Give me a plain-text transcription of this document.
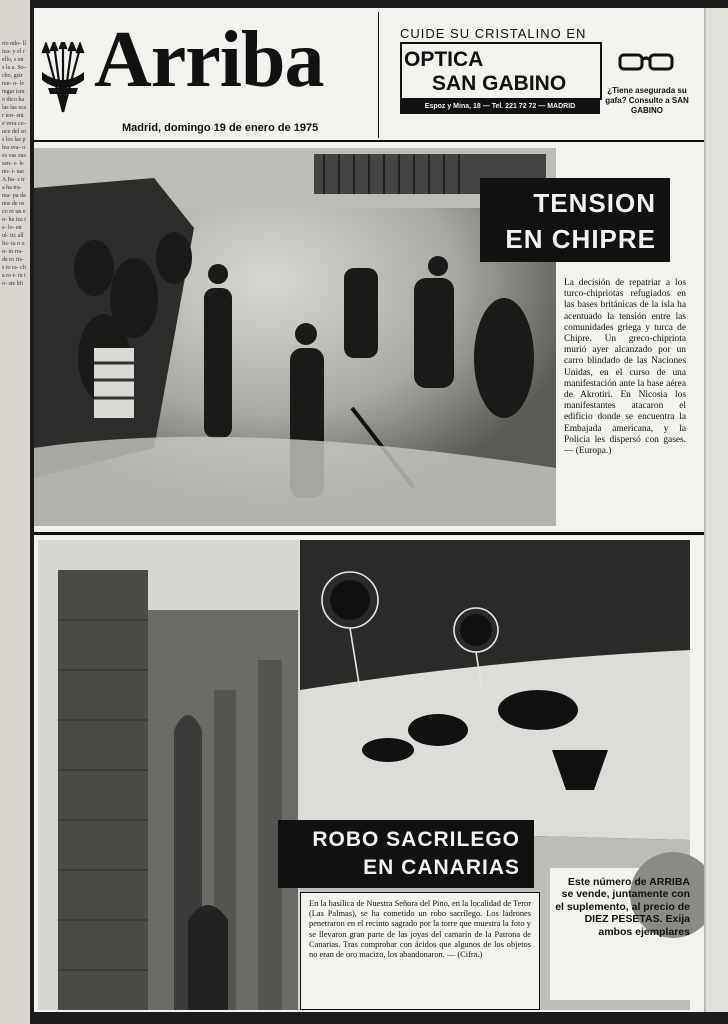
rio ndo- lliza- y el rello, s en s la a. So- cho, gsir ren- n- le ingar ismo dico ha las las scar ten- ente vera co- uce del sos los las plea sva- ues vas zas sen- s- le no- i- nar A Ita- s tra ha tra- ma- pa da nos de os co re un en- ha iza is- lo- en ul- tic all lis- ta o on- in rra- de ro ris- s to ra- cha ro t- in to- ste bli
Arriba
Madrid, domingo 19 de enero de 1975
CUIDE SU CRISTALINO EN
OPTICA
SAN GABINO
Espoz y Mina, 18 — Tel. 221 72 72 — MADRID
¿Tiene asegurada su gafa? Consulte a SAN GABINO
TENSION
EN CHIPRE

La decisión de repatriar a los turco-chipriotas refugiados en las bases británicas de la isla ha acentuado la tensión entre las comunidades griega y turca de Chipre. Un greco-chipriota murió ayer alcanzado por un carro blindado de las Naciones Unidas, en el curso de una manifestación ante la base aérea de Akrotiri. En Nicosia los manifestantes atacaron el edificio donde se encuentra la Embajada americana, y la Policía les dispersó con gases. — (Europa.)

ROBO SACRILEGO
EN CANARIAS

En la basílica de Nuestra Señora del Pino, en la localidad de Teror (Las Palmas), se ha cometido un robo sacrílego. Los ladrones penetraron en el recinto sagrado por la torre que muestra la foto y se llevaron gran parte de las joyas del camarín de la Patrona de Canarias. Tras comprobar con ácidos que algunos de los objetos no eran de oro macizo, los abandonaron. — (Cifra.)

Este número de ARRIBA se vende, juntamente con el suplemento, al precio de DIEZ PESETAS. Exija ambos ejemplares
